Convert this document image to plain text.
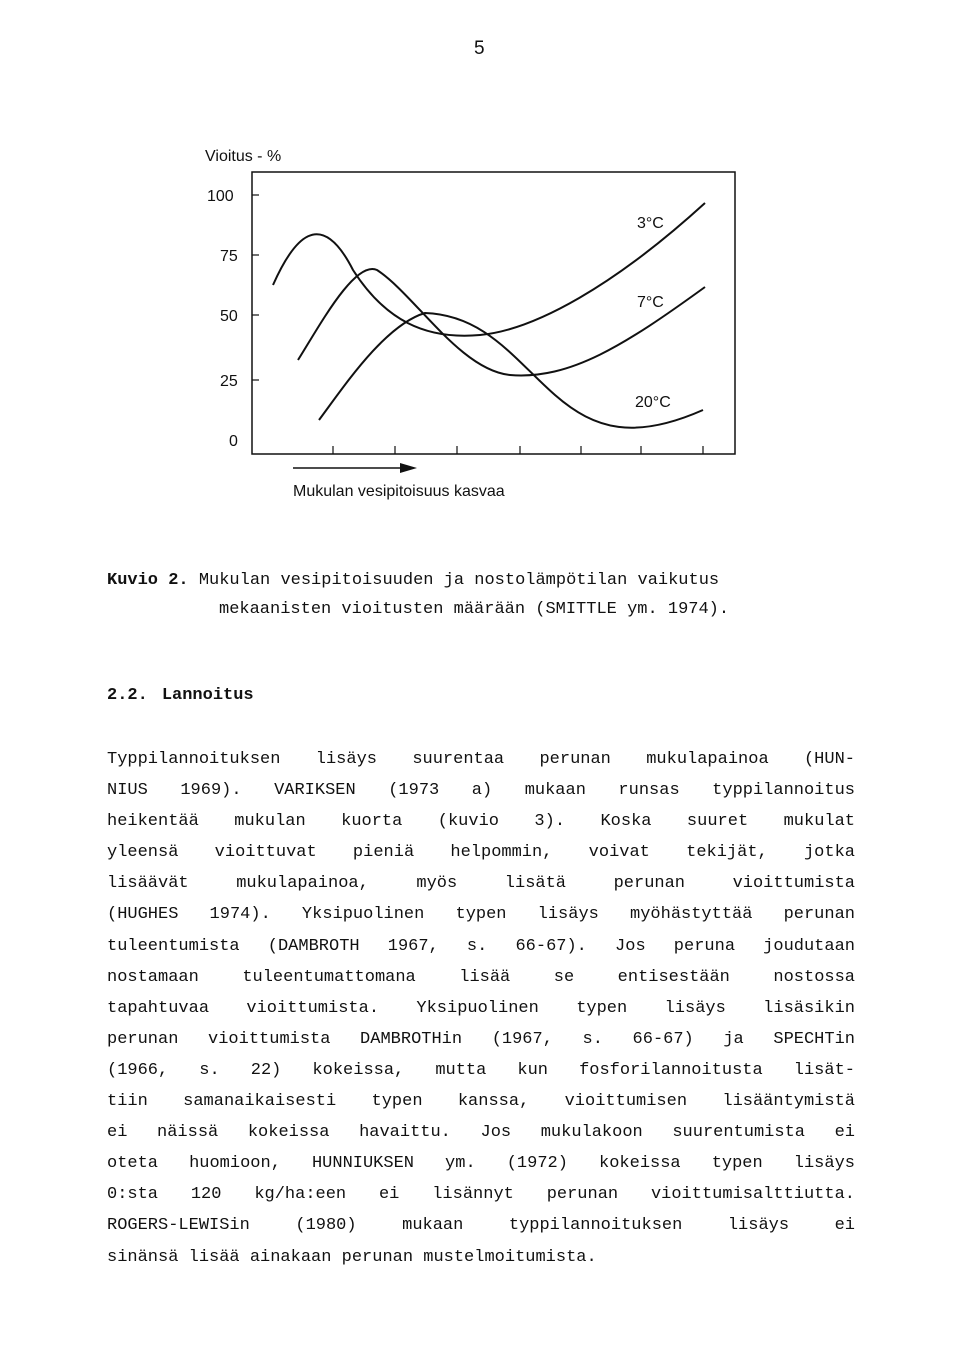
5
Vioitus - %
100
75
50
25
0
3°C
7°C
20°C
Mukulan vesipitoisuus kasvaa
Kuvio 2. Mukulan vesipitoisuuden ja nostolämpötilan vaikutus
mekaanisten vioitusten määrään (SMITTLE ym. 1974).
2.2. Lannoitus
Typpilannoituksen lisäys suurentaa perunan mukulapainoa (HUN-
NIUS 1969). VARIKSEN (1973 a) mukaan runsas typpilannoitus
heikentää mukulan kuorta (kuvio 3). Koska suuret mukulat
yleensä vioittuvat pieniä helpommin, voivat tekijät, jotka
lisäävät mukulapainoa, myös lisätä perunan vioittumista
(HUGHES 1974). Yksipuolinen typen lisäys myöhästyttää perunan
tuleentumista (DAMBROTH 1967, s. 66-67). Jos peruna joudutaan
nostamaan tuleentumattomana lisää se entisestään nostossa
tapahtuvaa vioittumista. Yksipuolinen typen lisäys lisäsikin
perunan vioittumista DAMBROTHin (1967, s. 66-67) ja SPECHTin
(1966, s. 22) kokeissa, mutta kun fosforilannoitusta lisät-
tiin samanaikaisesti typen kanssa, vioittumisen lisääntymistä
ei näissä kokeissa havaittu. Jos mukulakoon suurentumista ei
oteta huomioon, HUNNIUKSEN ym. (1972) kokeissa typen lisäys
0:sta 120 kg/ha:een ei lisännyt perunan vioittumisalttiutta.
ROGERS-LEWISin (1980) mukaan typpilannoituksen lisäys ei
sinänsä lisää ainakaan perunan mustelmoitumista.
